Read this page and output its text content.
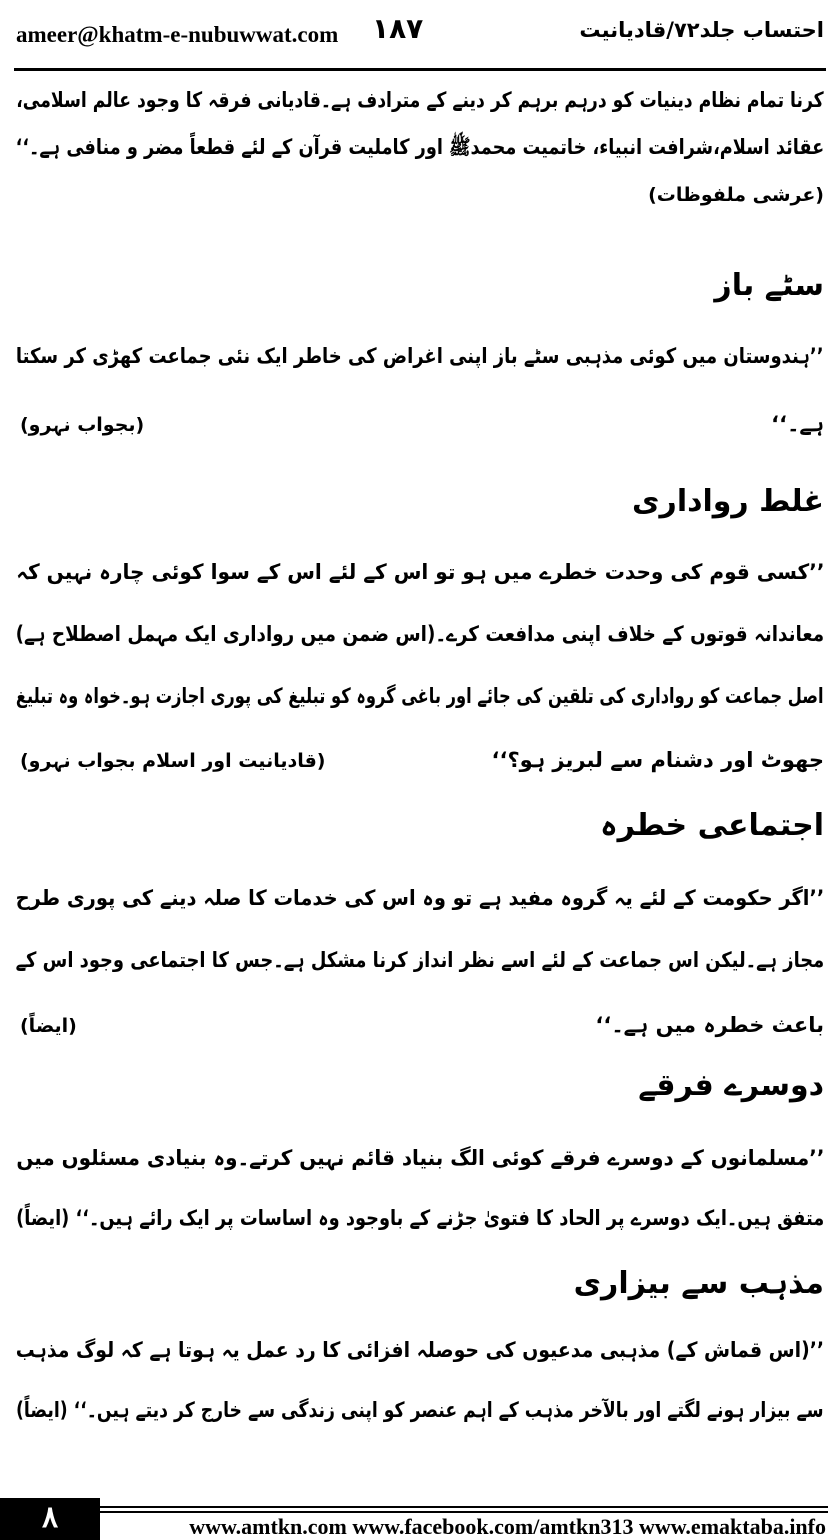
ameer@khatm-e-nubuwwat.com ۱۸۷	احتساب جلد۷۲/قادیانیت
کرنا تمام نظام دینیات کو درہم برہم کر دینے کے مترادف ہے۔قادیانی فرقہ کا وجود عالم اسلامی،
عقائد اسلام،شرافت انبیاء، خاتمیت محمدﷺ اور کاملیت قرآن کے لئے قطعاً مضر و منافی ہے۔‘‘
(عرشی ملفوظات)
سٹے باز
’’ہندوستان میں کوئی مذہبی سٹے باز اپنی اغراض کی خاطر ایک نئی جماعت کھڑی کر سکتا
ہے۔‘‘
(بجواب نہرو)
غلط رواداری
’’کسی قوم کی وحدت خطرے میں ہو تو اس کے لئے اس کے سوا کوئی چارہ نہیں کہ
معاندانہ قوتوں کے خلاف اپنی مدافعت کرے۔(اس ضمن میں رواداری ایک مہمل اصطلاح ہے)
اصل جماعت کو رواداری کی تلقین کی جائے اور باغی گروہ کو تبلیغ کی پوری اجازت ہو۔خواہ وہ تبلیغ
جھوٹ اور دشنام سے لبریز ہو؟‘‘
(قادیانیت اور اسلام بجواب نہرو)
اجتماعی خطرہ
’’اگر حکومت کے لئے یہ گروہ مفید ہے تو وہ اس کی خدمات کا صلہ دینے کی پوری طرح
مجاز ہے۔لیکن اس جماعت کے لئے اسے نظر انداز کرنا مشکل ہے۔جس کا اجتماعی وجود اس کے
باعث خطرہ میں ہے۔‘‘
(ایضاً)
دوسرے فرقے
’’مسلمانوں کے دوسرے فرقے کوئی الگ بنیاد قائم نہیں کرتے۔وہ بنیادی مسئلوں میں
متفق ہیں۔ایک دوسرے پر الحاد کا فتویٰ جڑنے کے باوجود وہ اساسات پر ایک رائے ہیں۔‘‘ (ایضاً)
مذہب سے بیزاری
’’(اس قماش کے) مذہبی مدعیوں کی حوصلہ افزائی کا رد عمل یہ ہوتا ہے کہ لوگ مذہب
سے بیزار ہونے لگتے اور بالآخر مذہب کے اہم عنصر کو اپنی زندگی سے خارج کر دیتے ہیں۔‘‘ (ایضاً)
۸	www.amtkn.com www.facebook.com/amtkn313 www.emaktaba.info
